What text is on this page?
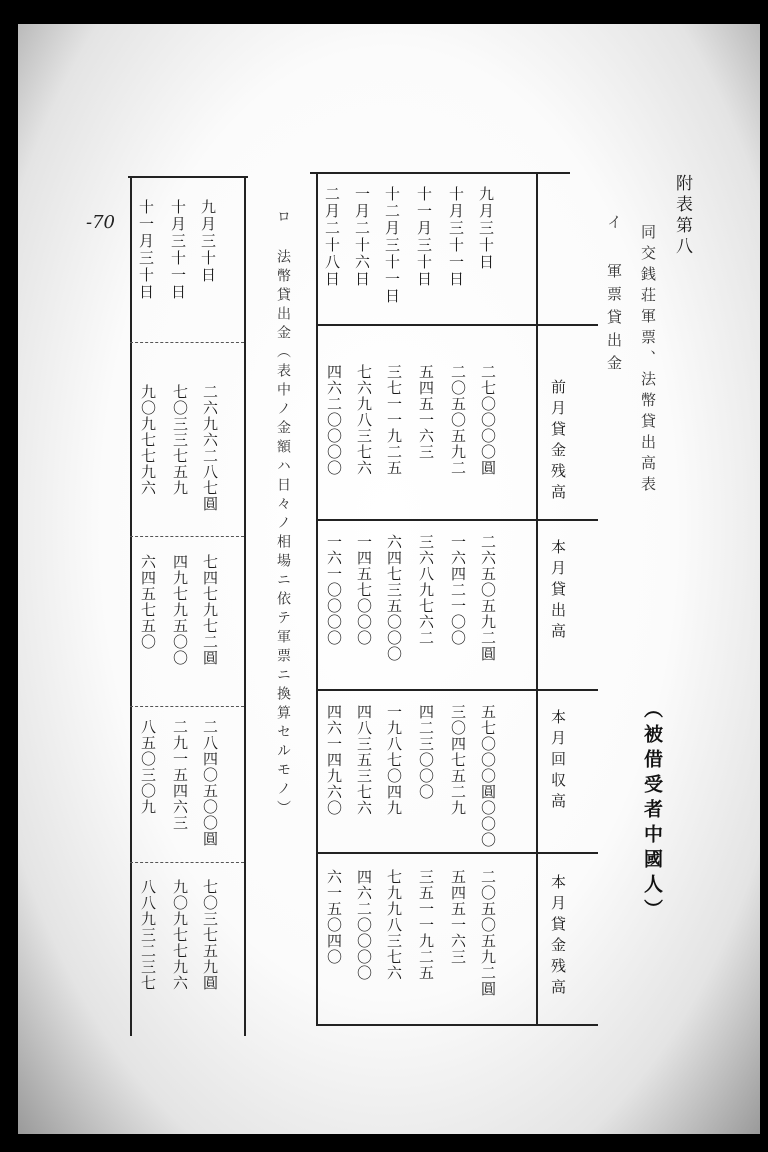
附表第八
同交銭荘軍票、法幣貸出高表
（被借受者中國人）
イ 軍票貸出金
前月貸金残高
本月貸出高
本月回収高
本月貸金残高
九月三十日
二七〇〇〇〇圓
二六五〇五九二圓
五七〇〇〇圓〇〇〇
二〇五〇五九二圓
十月三十一日
二〇五〇五九二
一六四二一〇〇
三〇四七五二九
五四五一六三
十一月三十日
五四五一六三
三六八九七六二
四二三〇〇〇
三五一一九二五
十二月三十一日
三七一一九二五
六四七三五〇〇〇
一九八七〇四九
七九九八三七六
一月二十六日
七六九八三七六
一四五七〇〇〇
四八三五三七六
四六二〇〇〇〇
二月二十八日
四六二〇〇〇〇
一六一〇〇〇〇
四六一四九六〇
六一五〇四〇
ロ 法幣貸出金（表中ノ金額ハ日々ノ相場ニ依テ軍票ニ換算セルモノ）
九月三十日
二六九六二八七圓
七四七九七二圓
二八四〇五〇〇圓
七〇三七五九圓
十月三十一日
七〇三三七五九
四九七九五〇〇
二九一五四六三
九〇九七七九六
十一月三十日
九〇九七七九六
六四五七五〇
八五〇三〇九
八八九三二三七
-70
